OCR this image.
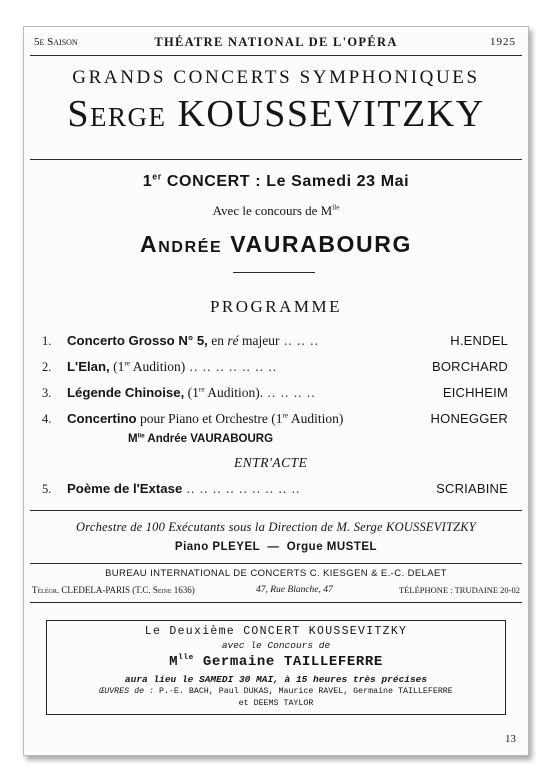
5e Saison	THÉATRE NATIONAL DE L'OPÉRA	1925
GRANDS CONCERTS SYMPHONIQUES
Serge KOUSSEVITZKY
1er CONCERT : Le Samedi 23 Mai
Avec le concours de $M^{lle}$
Andrée VAURABOURG
PROGRAMME
1. Concerto Grosso N° 5, en ré majeur .. .. ..	H.ENDEL
2. L'Elan, (1re Audition) .. .. .. .. .. .. ..	BORCHARD
3. Légende Chinoise, (1re Audition). .. .. .. ..	EICHHEIM
4. Concertino pour Piano et Orchestre (1re Audition)	HONEGGER
$M^{lle}$ Andrée VAURABOURG
ENTR'ACTE
5. Poème de l'Extase .. .. .. .. .. .. .. .. ..	SCRIABINE
Orchestre de 100 Exécutants sous la Direction de M. Serge KOUSSEVITZKY
Piano PLEYEL — Orgue MUSTEL
BUREAU INTERNATIONAL DE CONCERTS C. KIESGEN & E.-C. DELAET
Télégr. CLEDELA-PARIS (T.C. Seine 1636)	47, Rue Blanche, 47	TÉLÉPHONE : TRUDAINE 20-02
Le Deuxième CONCERT KOUSSEVITZKY
avec le Concours de
$M^{lle}$ Germaine TAILLEFERRE
aura lieu le SAMEDI 30 MAI, à 15 heures très précises
ŒUVRES de : P.-E. BACH, Paul DUKAS, Maurice RAVEL, Germaine TAILLEFERRE
et DEEMS TAYLOR
13
